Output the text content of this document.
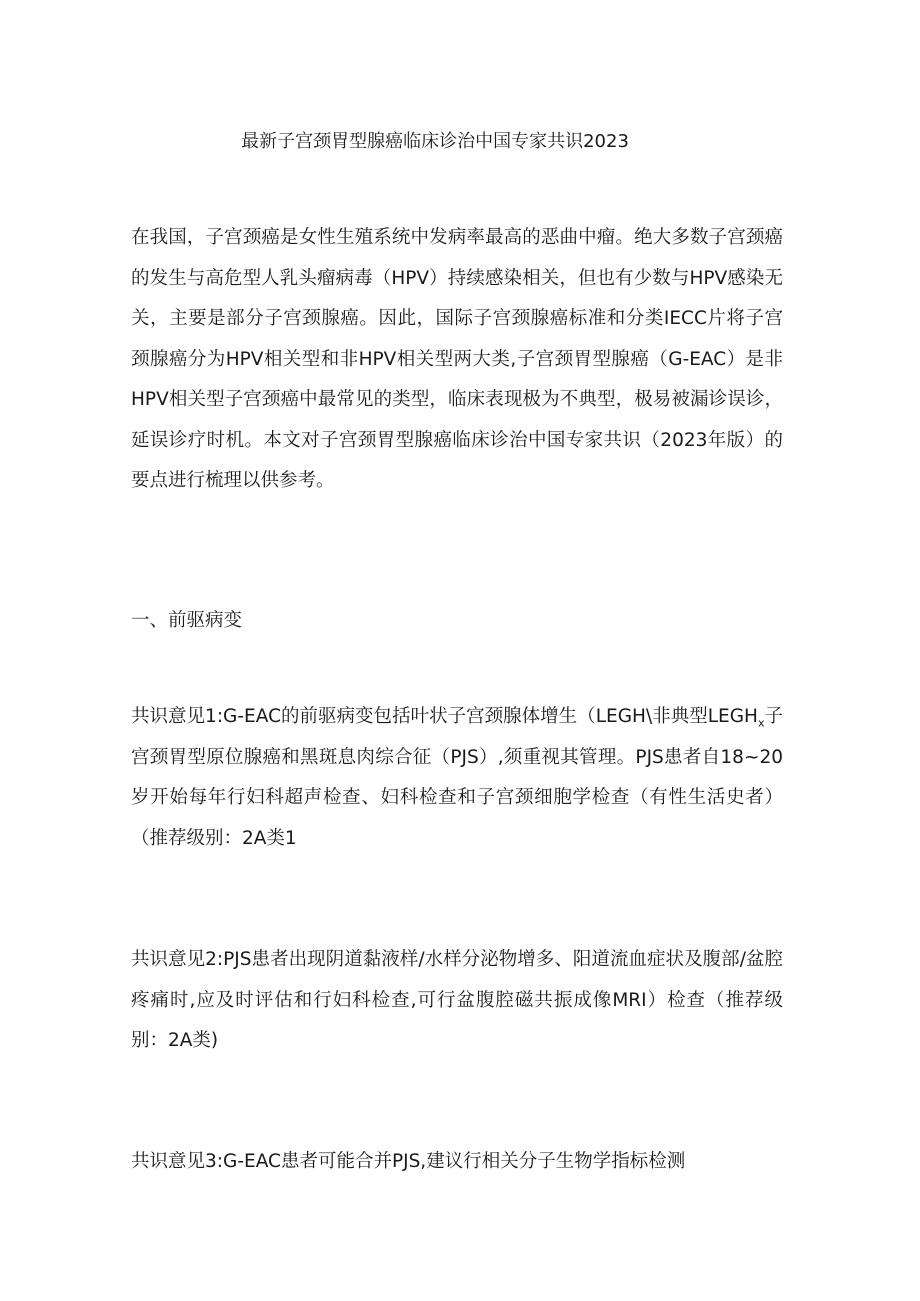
最新子宫颈胃型腺癌临床诊治中国专家共识2023

在我国，子宫颈癌是女性生殖系统中发病率最高的恶曲中瘤。绝大多数子宫颈癌的发生与高危型人乳头瘤病毒（HPV）持续感染相关，但也有少数与HPV感染无关，主要是部分子宫颈腺癌。因此，国际子宫颈腺癌标准和分类IECC片将子宫颈腺癌分为HPV相关型和非HPV相关型两大类,子宫颈胃型腺癌（G-EAC）是非HPV相关型子宫颈癌中最常见的类型，临床表现极为不典型，极易被漏诊误诊，延误诊疗时机。本文对子宫颈胃型腺癌临床诊治中国专家共识（2023年版）的要点进行梳理以供参考。

一、前驱病变

共识意见1:G-EAC的前驱病变包括叶状子宫颈腺体增生（LEGH\非典型$LEGH_x$子宫颈胃型原位腺癌和黑斑息肉综合征（PJS）,须重视其管理。PJS患者自18~20岁开始每年行妇科超声检查、妇科检查和子宫颈细胞学检查（有性生活史者）（推荐级别：2A类1

共识意见2:PJS患者出现阴道黏液样/水样分泌物增多、阳道流血症状及腹部/盆腔疼痛时,应及时评估和行妇科检查,可行盆腹腔磁共振成像MRI）检查（推荐级别：2A类)

共识意见3:G-EAC患者可能合并PJS,建议行相关分子生物学指标检测
